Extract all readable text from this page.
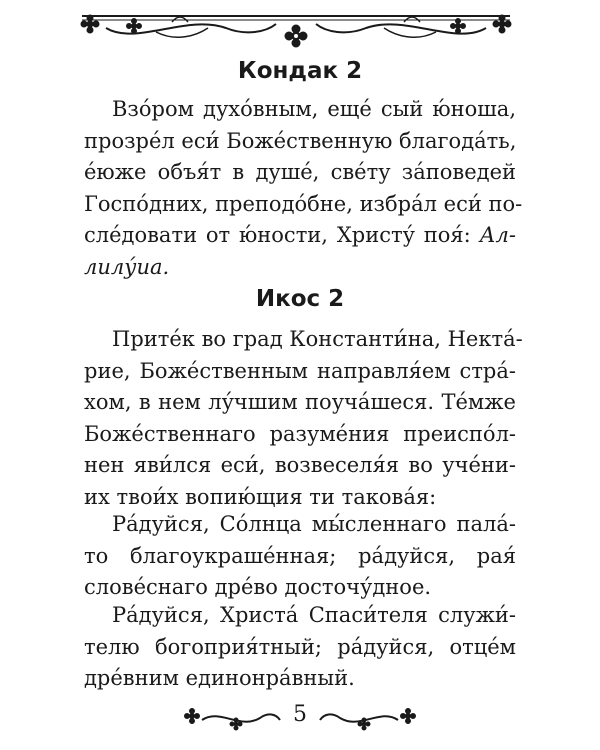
Кондак 2
Взо́ром духо́вным, еще́ сый ю́ноша,
прозре́л еси́ Боже́ственную благода́ть,
е́юже объя́т в душе́, све́ту за́поведей
Госпо́дних, преподо́бне, избра́л еси́ по-
сле́довати от ю́ности, Христу́ поя́: Ал-
лилу́иа.
Икос 2
Прите́к во град Константи́на, Некта́-
рие, Боже́ственным направля́ем стра́-
хом, в нем лу́чшим поуча́шеся. Те́мже
Боже́ственнаго разуме́ния преиспо́л-
нен яви́лся еси́, возвеселя́я во уче́ни-
их твои́х вопию́щия ти такова́я:
Ра́дуйся, Со́лнца мы́сленнаго пала́-
то благоукраше́нная; ра́дуйся, рая́
слове́снаго дре́во досточу́дное.
Ра́дуйся, Христа́ Спаси́теля служи́-
телю богоприя́тный; ра́дуйся, отце́м
дре́вним единонра́вный.
5
